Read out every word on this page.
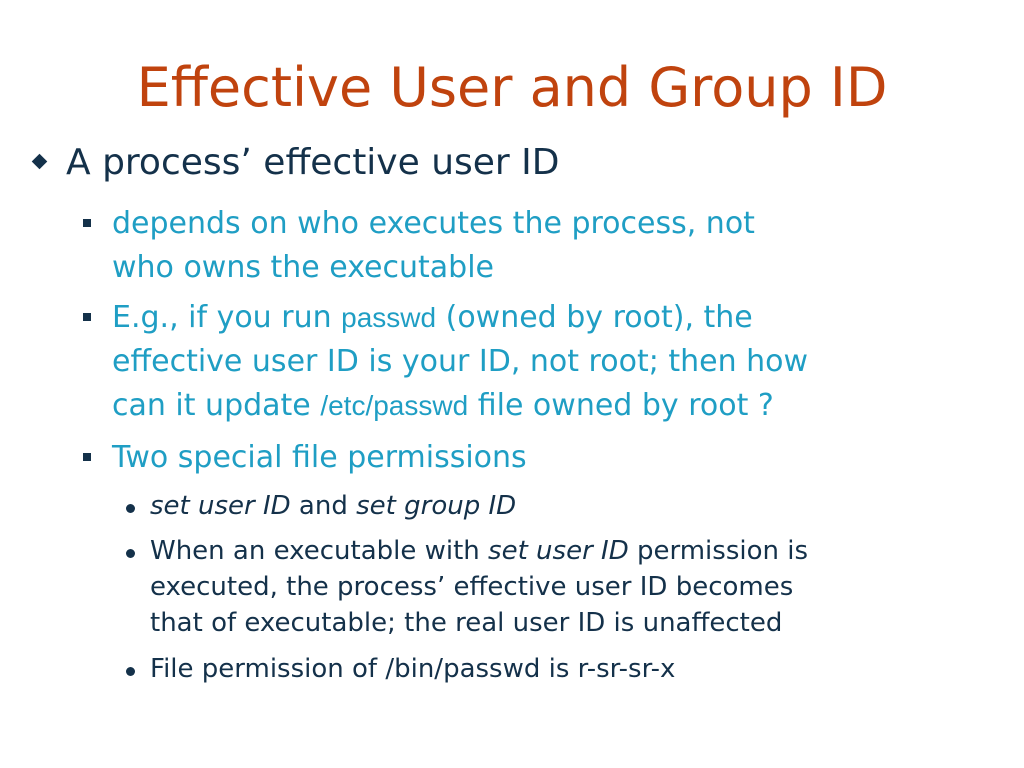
Effective User and Group ID
A process’ effective user ID
depends on who executes the process, not
who owns the executable
E.g., if you run passwd (owned by root), the
effective user ID is your ID, not root; then how
can it update /etc/passwd file owned by root ?
Two special file permissions
set user ID and set group ID
When an executable with set user ID permission is
executed, the process’ effective user ID becomes
that of executable; the real user ID is unaffected
File permission of /bin/passwd is r-sr-sr-x
